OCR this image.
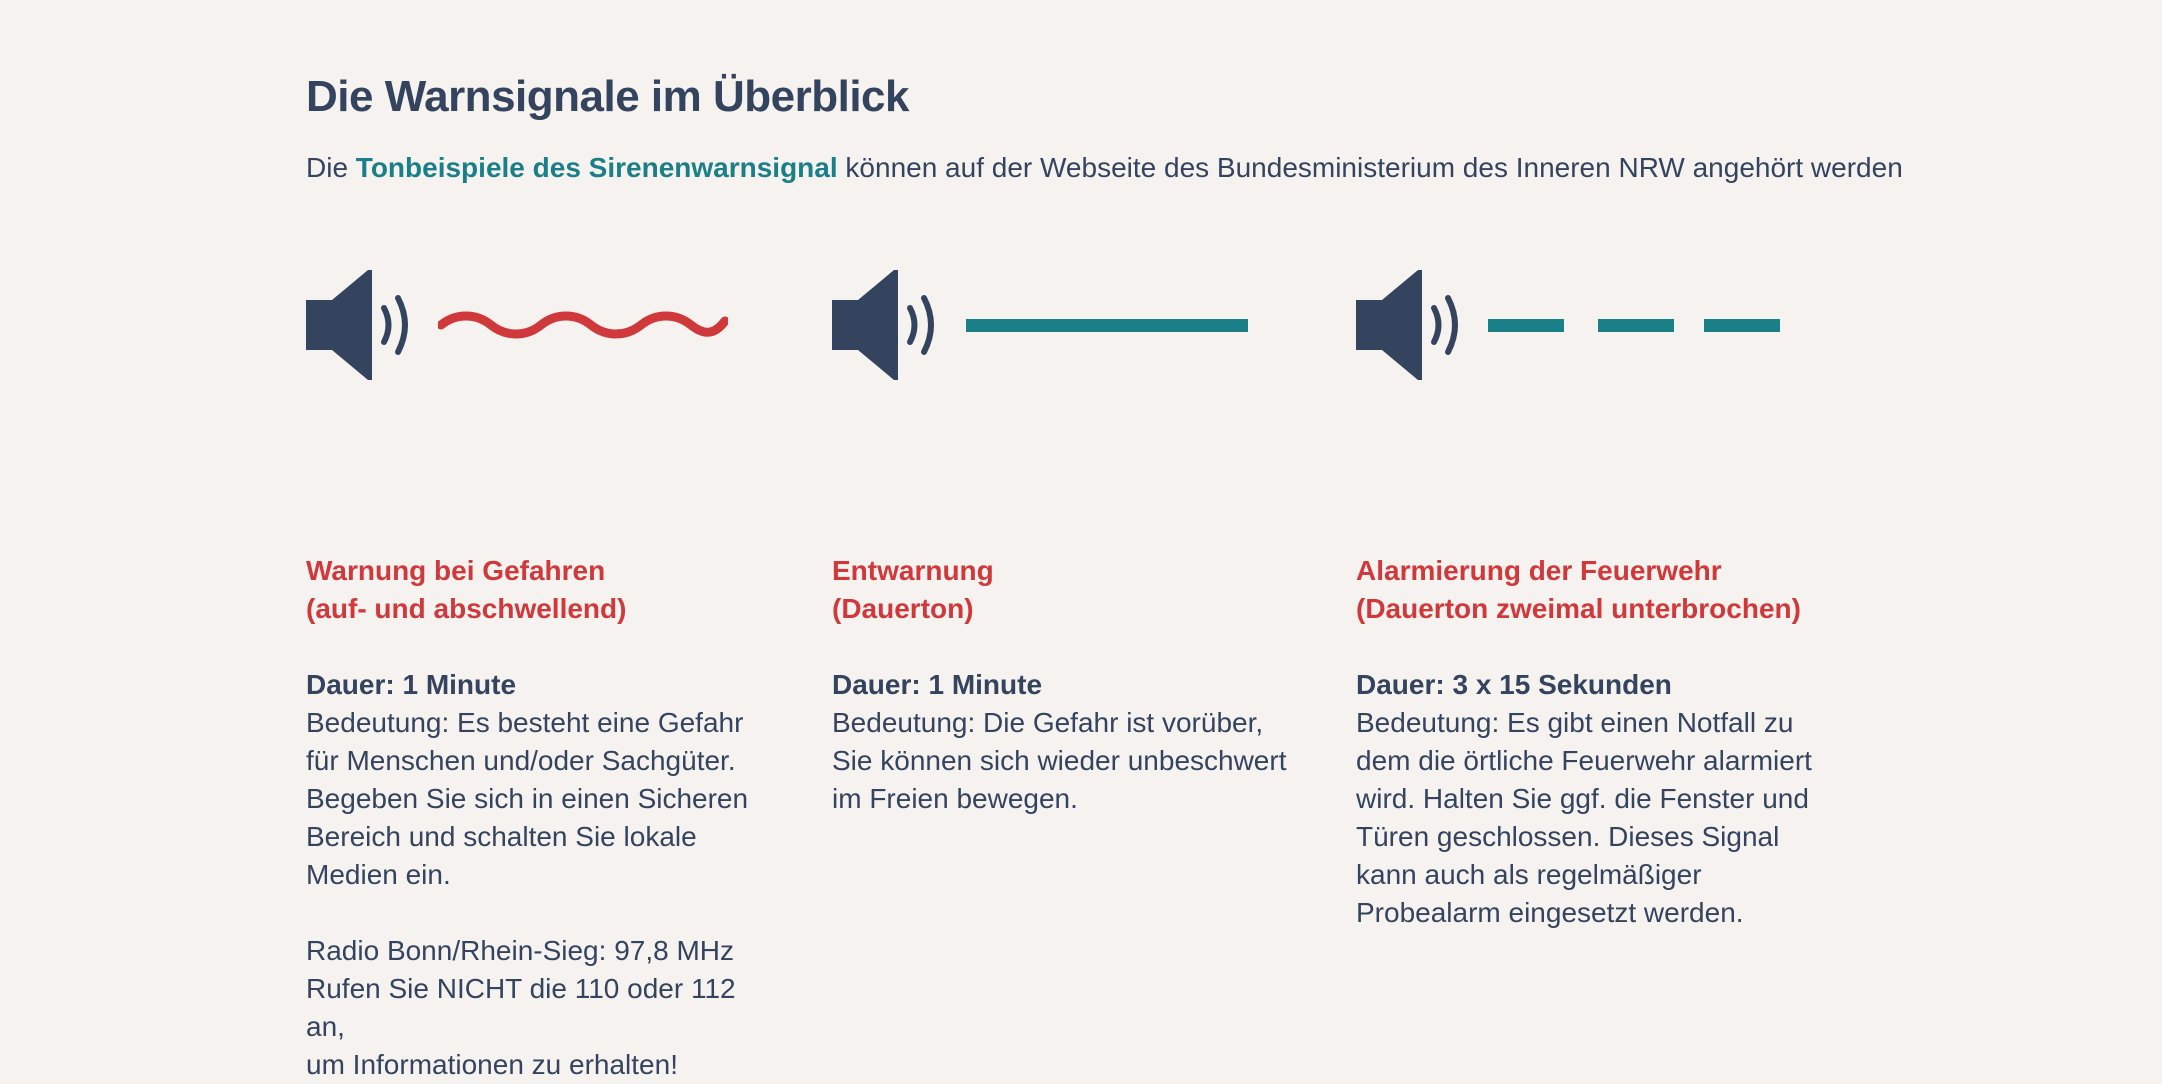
Die Warnsignale im Überblick

Die Tonbeispiele des Sirenenwarnsignal können auf der Webseite des Bundesministerium des Inneren NRW angehört werden

Warnung bei Gefahren
(auf- und abschwellend)

Dauer: 1 Minute

Bedeutung: Es besteht eine Gefahr
für Menschen und/oder Sachgüter.
Begeben Sie sich in einen Sicheren
Bereich und schalten Sie lokale
Medien ein.

Radio Bonn/Rhein-Sieg: 97,8 MHz
Rufen Sie NICHT die 110 oder 112 an,
um Informationen zu erhalten!

Entwarnung
(Dauerton)

Dauer: 1 Minute

Bedeutung: Die Gefahr ist vorüber,
Sie können sich wieder unbeschwert
im Freien bewegen.

Alarmierung der Feuerwehr
(Dauerton zweimal unterbrochen)

Dauer: 3 x 15 Sekunden

Bedeutung: Es gibt einen Notfall zu
dem die örtliche Feuerwehr alarmiert
wird. Halten Sie ggf. die Fenster und
Türen geschlossen. Dieses Signal
kann auch als regelmäßiger
Probealarm eingesetzt werden.
